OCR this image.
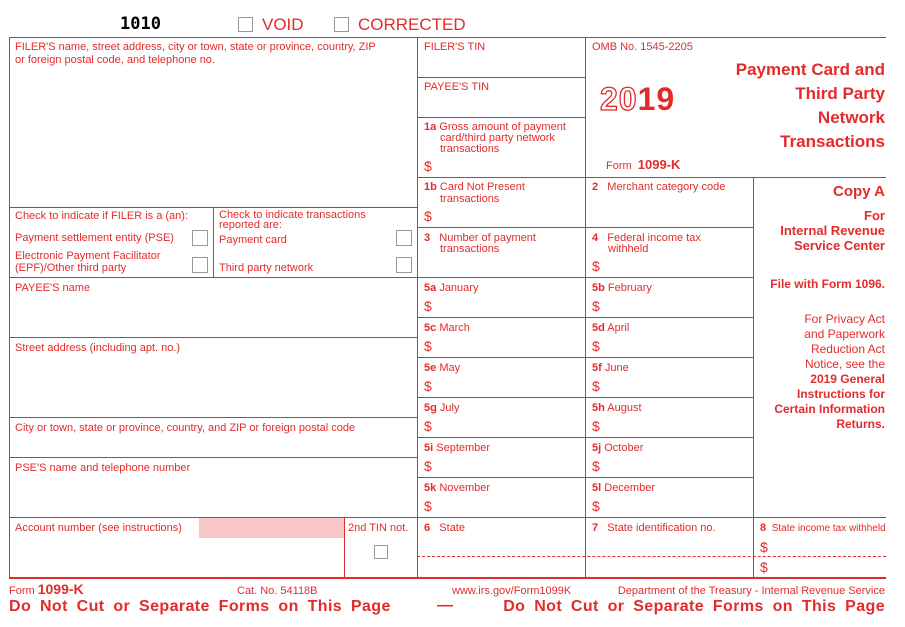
1010	VOID	CORRECTED
FILER'S name, street address, city or town, state or province, country, ZIP
or foreign postal code, and telephone no.
Check to indicate if FILER is a (an):
Payment settlement entity (PSE)
Electronic Payment Facilitator
(EPF)/Other third party
Check to indicate transactions
reported are:
Payment card
Third party network
FILER'S TIN
PAYEE'S TIN
1a Gross amount of payment
card/third party network
transactions
$
OMB No. 1545-2205
2019
Form 1099-K
Payment Card and
Third Party
Network
Transactions
1b Card Not Present
transactions
$
2 Merchant category code
3 Number of payment
transactions
4 Federal income tax
withheld
$
Copy A
For
Internal Revenue
Service Center
File with Form 1096.
For Privacy Act
and Paperwork
Reduction Act
Notice, see the
2019 General
Instructions for
Certain Information
Returns.
PAYEE'S name
Street address (including apt. no.)
City or town, state or province, country, and ZIP or foreign postal code
PSE'S name and telephone number
Account number (see instructions)	2nd TIN not.
5a January
$
5b February
$
5c March
$
5d April
$
5e May
$
5f June
$
5g July
$
5h August
$
5i September
$
5j October
$
5k November
$
5l December
$
6 State	7 State identification no.	8 State income tax withheld
$
$
Form 1099-K	Cat. No. 54118B	www.irs.gov/Form1099K	Department of the Treasury - Internal Revenue Service
Do Not Cut or Separate Forms on This Page	—	Do Not Cut or Separate Forms on This Page
